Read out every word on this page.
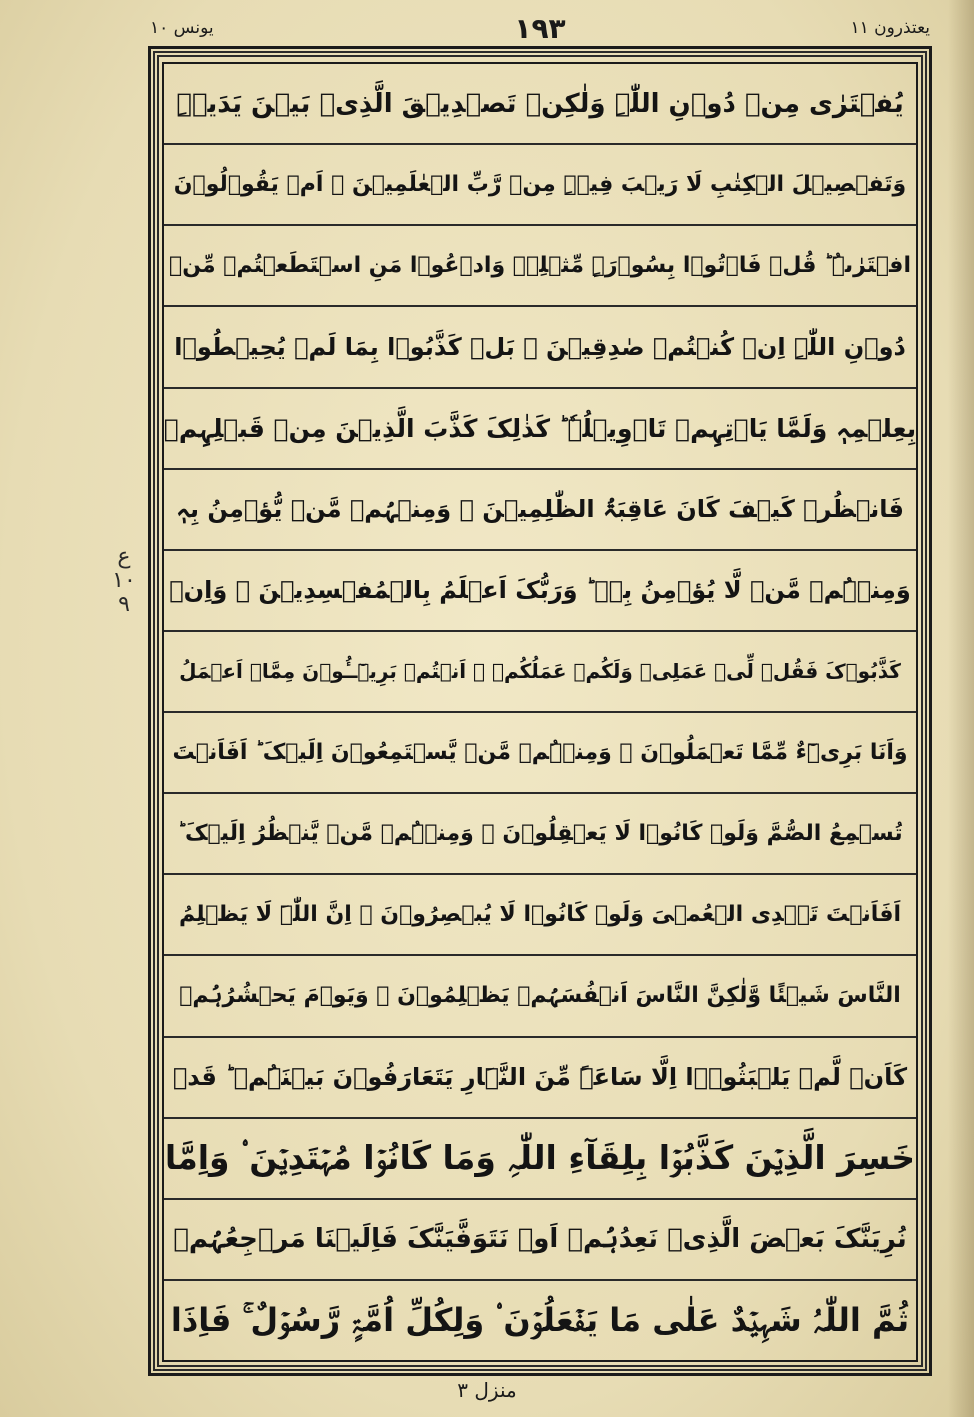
یعتذرون ۱۱
۱۹۳
یونس ۱۰
ع
۱۰
۹
یُفۡتَرٰی مِنۡ دُوۡنِ اللّٰہِ وَلٰکِنۡ تَصۡدِیۡقَ الَّذِیۡ بَیۡنَ یَدَیۡہِ
وَتَفۡصِیۡلَ الۡکِتٰبِ لَا رَیۡبَ فِیۡہِ مِنۡ رَّبِّ الۡعٰلَمِیۡنَ ۟ اَمۡ یَقُوۡلُوۡنَ
افۡتَرٰىہُ ؕ قُلۡ فَاۡتُوۡا بِسُوۡرَۃٍ مِّثۡلِہٖ وَادۡعُوۡا مَنِ اسۡتَطَعۡتُمۡ مِّنۡ
دُوۡنِ اللّٰہِ اِنۡ کُنۡتُمۡ صٰدِقِیۡنَ ۟ بَلۡ کَذَّبُوۡا بِمَا لَمۡ یُحِیۡطُوۡا
بِعِلۡمِہٖ وَلَمَّا یَاۡتِہِمۡ تَاۡوِیۡلُہٗ ؕ کَذٰلِکَ کَذَّبَ الَّذِیۡنَ مِنۡ قَبۡلِہِمۡ
فَانۡظُرۡ کَیۡفَ کَانَ عَاقِبَۃُ الظّٰلِمِیۡنَ ۟ وَمِنۡہُمۡ مَّنۡ یُّؤۡمِنُ بِہٖ
وَمِنۡہُمۡ مَّنۡ لَّا یُؤۡمِنُ بِہٖ ؕ وَرَبُّکَ اَعۡلَمُ بِالۡمُفۡسِدِیۡنَ ۟ وَاِنۡ
کَذَّبُوۡکَ فَقُلۡ لِّیۡ عَمَلِیۡ وَلَکُمۡ عَمَلُکُمۡ ۚ اَنۡتُمۡ بَرِیۡٓــُٔوۡنَ مِمَّاۤ اَعۡمَلُ
وَاَنَا بَرِیۡٓءٌ مِّمَّا تَعۡمَلُوۡنَ ۟ وَمِنۡہُمۡ مَّنۡ یَّسۡتَمِعُوۡنَ اِلَیۡکَ ؕ اَفَاَنۡتَ
تُسۡمِعُ الصُّمَّ وَلَوۡ کَانُوۡا لَا یَعۡقِلُوۡنَ ۟ وَمِنۡہُمۡ مَّنۡ یَّنۡظُرُ اِلَیۡکَ ؕ
اَفَاَنۡتَ تَہۡدِی الۡعُمۡیَ وَلَوۡ کَانُوۡا لَا یُبۡصِرُوۡنَ ۟ اِنَّ اللّٰہَ لَا یَظۡلِمُ
النَّاسَ شَیۡئًا وَّلٰکِنَّ النَّاسَ اَنۡفُسَہُمۡ یَظۡلِمُوۡنَ ۟ وَیَوۡمَ یَحۡشُرُہُمۡ
کَاَنۡ لَّمۡ یَلۡبَثُوۡۤا اِلَّا سَاعَۃً مِّنَ النَّہَارِ یَتَعَارَفُوۡنَ بَیۡنَہُمۡ ؕ قَدۡ
خَسِرَ الَّذِیۡنَ کَذَّبُوۡا بِلِقَآءِ اللّٰہِ وَمَا کَانُوۡا مُہۡتَدِیۡنَ ۟ وَاِمَّا
نُرِیَنَّکَ بَعۡضَ الَّذِیۡ نَعِدُہُمۡ اَوۡ نَتَوَفَّیَنَّکَ فَاِلَیۡنَا مَرۡجِعُہُمۡ
ثُمَّ اللّٰہُ شَہِیۡدٌ عَلٰی مَا یَفۡعَلُوۡنَ ۟ وَلِکُلِّ اُمَّۃٍ رَّسُوۡلٌ ۚ فَاِذَا
منزل ۳
